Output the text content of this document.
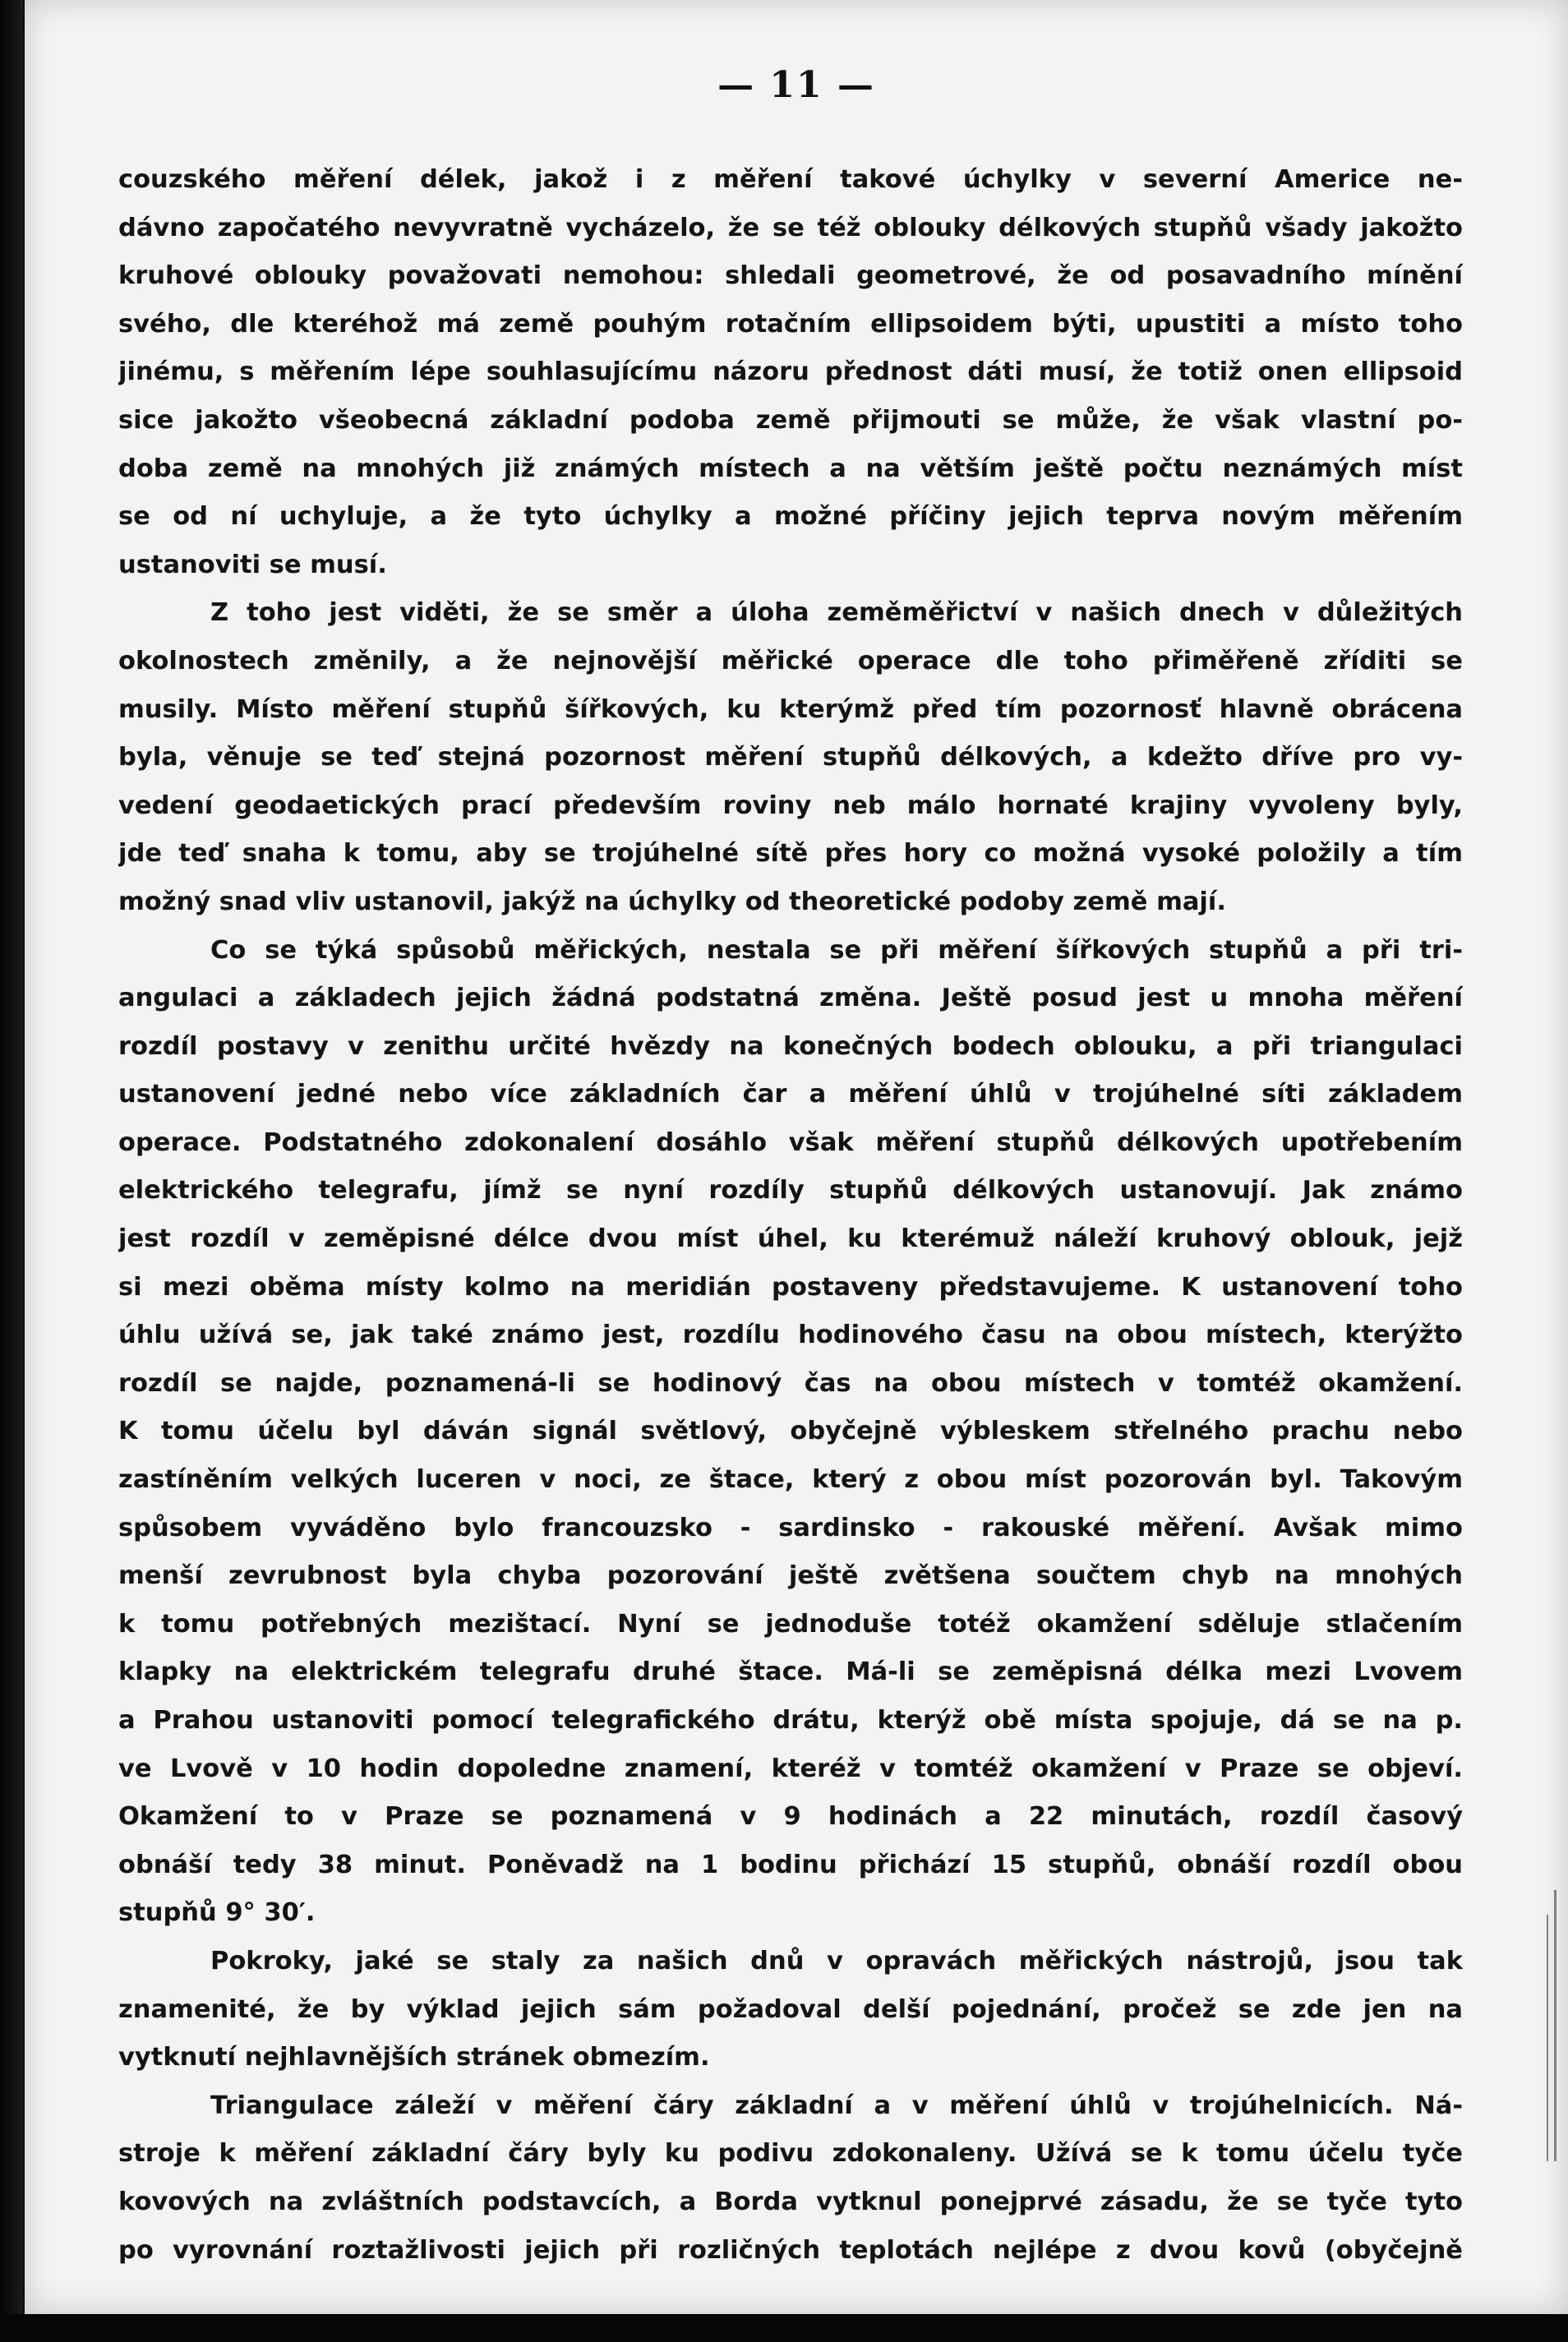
— 11 —
couzského měření délek, jakož i z měření takové úchylky v severní Americe ne-
dávno započatého nevyvratně vycházelo, že se též oblouky délkových stupňů všady jakožto
kruhové oblouky považovati nemohou: shledali geometrové, že od posavadního mínění
svého, dle kteréhož má země pouhým rotačním ellipsoidem býti, upustiti a místo toho
jinému, s měřením lépe souhlasujícímu názoru přednost dáti musí, že totiž onen ellipsoid
sice jakožto všeobecná základní podoba země přijmouti se může, že však vlastní po-
doba země na mnohých již známých místech a na větším ještě počtu neznámých míst
se od ní uchyluje, a že tyto úchylky a možné příčiny jejich teprva novým měřením
ustanoviti se musí.
Z toho jest viděti, že se směr a úloha zeměměřictví v našich dnech v důležitých
okolnostech změnily, a že nejnovější měřické operace dle toho přiměřeně zříditi se
musily. Místo měření stupňů šířkových, ku kterýmž před tím pozornosť hlavně obrácena
byla, věnuje se teď stejná pozornost měření stupňů délkových, a kdežto dříve pro vy-
vedení geodaetických prací především roviny neb málo hornaté krajiny vyvoleny byly,
jde teď snaha k tomu, aby se trojúhelné sítě přes hory co možná vysoké položily a tím
možný snad vliv ustanovil, jakýž na úchylky od theoretické podoby země mají.
Co se týká spůsobů měřických, nestala se při měření šířkových stupňů a při tri-
angulaci a základech jejich žádná podstatná změna. Ještě posud jest u mnoha měření
rozdíl postavy v zenithu určité hvězdy na konečných bodech oblouku, a při triangulaci
ustanovení jedné nebo více základních čar a měření úhlů v trojúhelné síti základem
operace. Podstatného zdokonalení dosáhlo však měření stupňů délkových upotřebením
elektrického telegrafu, jímž se nyní rozdíly stupňů délkových ustanovují. Jak známo
jest rozdíl v zeměpisné délce dvou míst úhel, ku kterémuž náleží kruhový oblouk, jejž
si mezi oběma místy kolmo na meridián postaveny představujeme. K ustanovení toho
úhlu užívá se, jak také známo jest, rozdílu hodinového času na obou místech, kterýžto
rozdíl se najde, poznamená-li se hodinový čas na obou místech v tomtéž okamžení.
K tomu účelu byl dáván signál světlový, obyčejně výbleskem střelného prachu nebo
zastíněním velkých luceren v noci, ze štace, který z obou míst pozorován byl. Takovým
spůsobem vyváděno bylo francouzsko - sardinsko - rakouské měření. Avšak mimo
menší zevrubnost byla chyba pozorování ještě zvětšena součtem chyb na mnohých
k tomu potřebných mezištací. Nyní se jednoduše totéž okamžení sděluje stlačením
klapky na elektrickém telegrafu druhé štace. Má-li se zeměpisná délka mezi Lvovem
a Prahou ustanoviti pomocí telegrafického drátu, kterýž obě místa spojuje, dá se na p.
ve Lvově v 10 hodin dopoledne znamení, kteréž v tomtéž okamžení v Praze se objeví.
Okamžení to v Praze se poznamená v 9 hodinách a 22 minutách, rozdíl časový
obnáší tedy 38 minut. Poněvadž na 1 bodinu přichází 15 stupňů, obnáší rozdíl obou
stupňů 9° 30′.
Pokroky, jaké se staly za našich dnů v opravách měřických nástrojů, jsou tak
znamenité, že by výklad jejich sám požadoval delší pojednání, pročež se zde jen na
vytknutí nejhlavnějších stránek obmezím.
Triangulace záleží v měření čáry základní a v měření úhlů v trojúhelnicích. Ná-
stroje k měření základní čáry byly ku podivu zdokonaleny. Užívá se k tomu účelu tyče
kovových na zvláštních podstavcích, a Borda vytknul ponejprvé zásadu, že se tyče tyto
po vyrovnání roztažlivosti jejich při rozličných teplotách nejlépe z dvou kovů (obyčejně
